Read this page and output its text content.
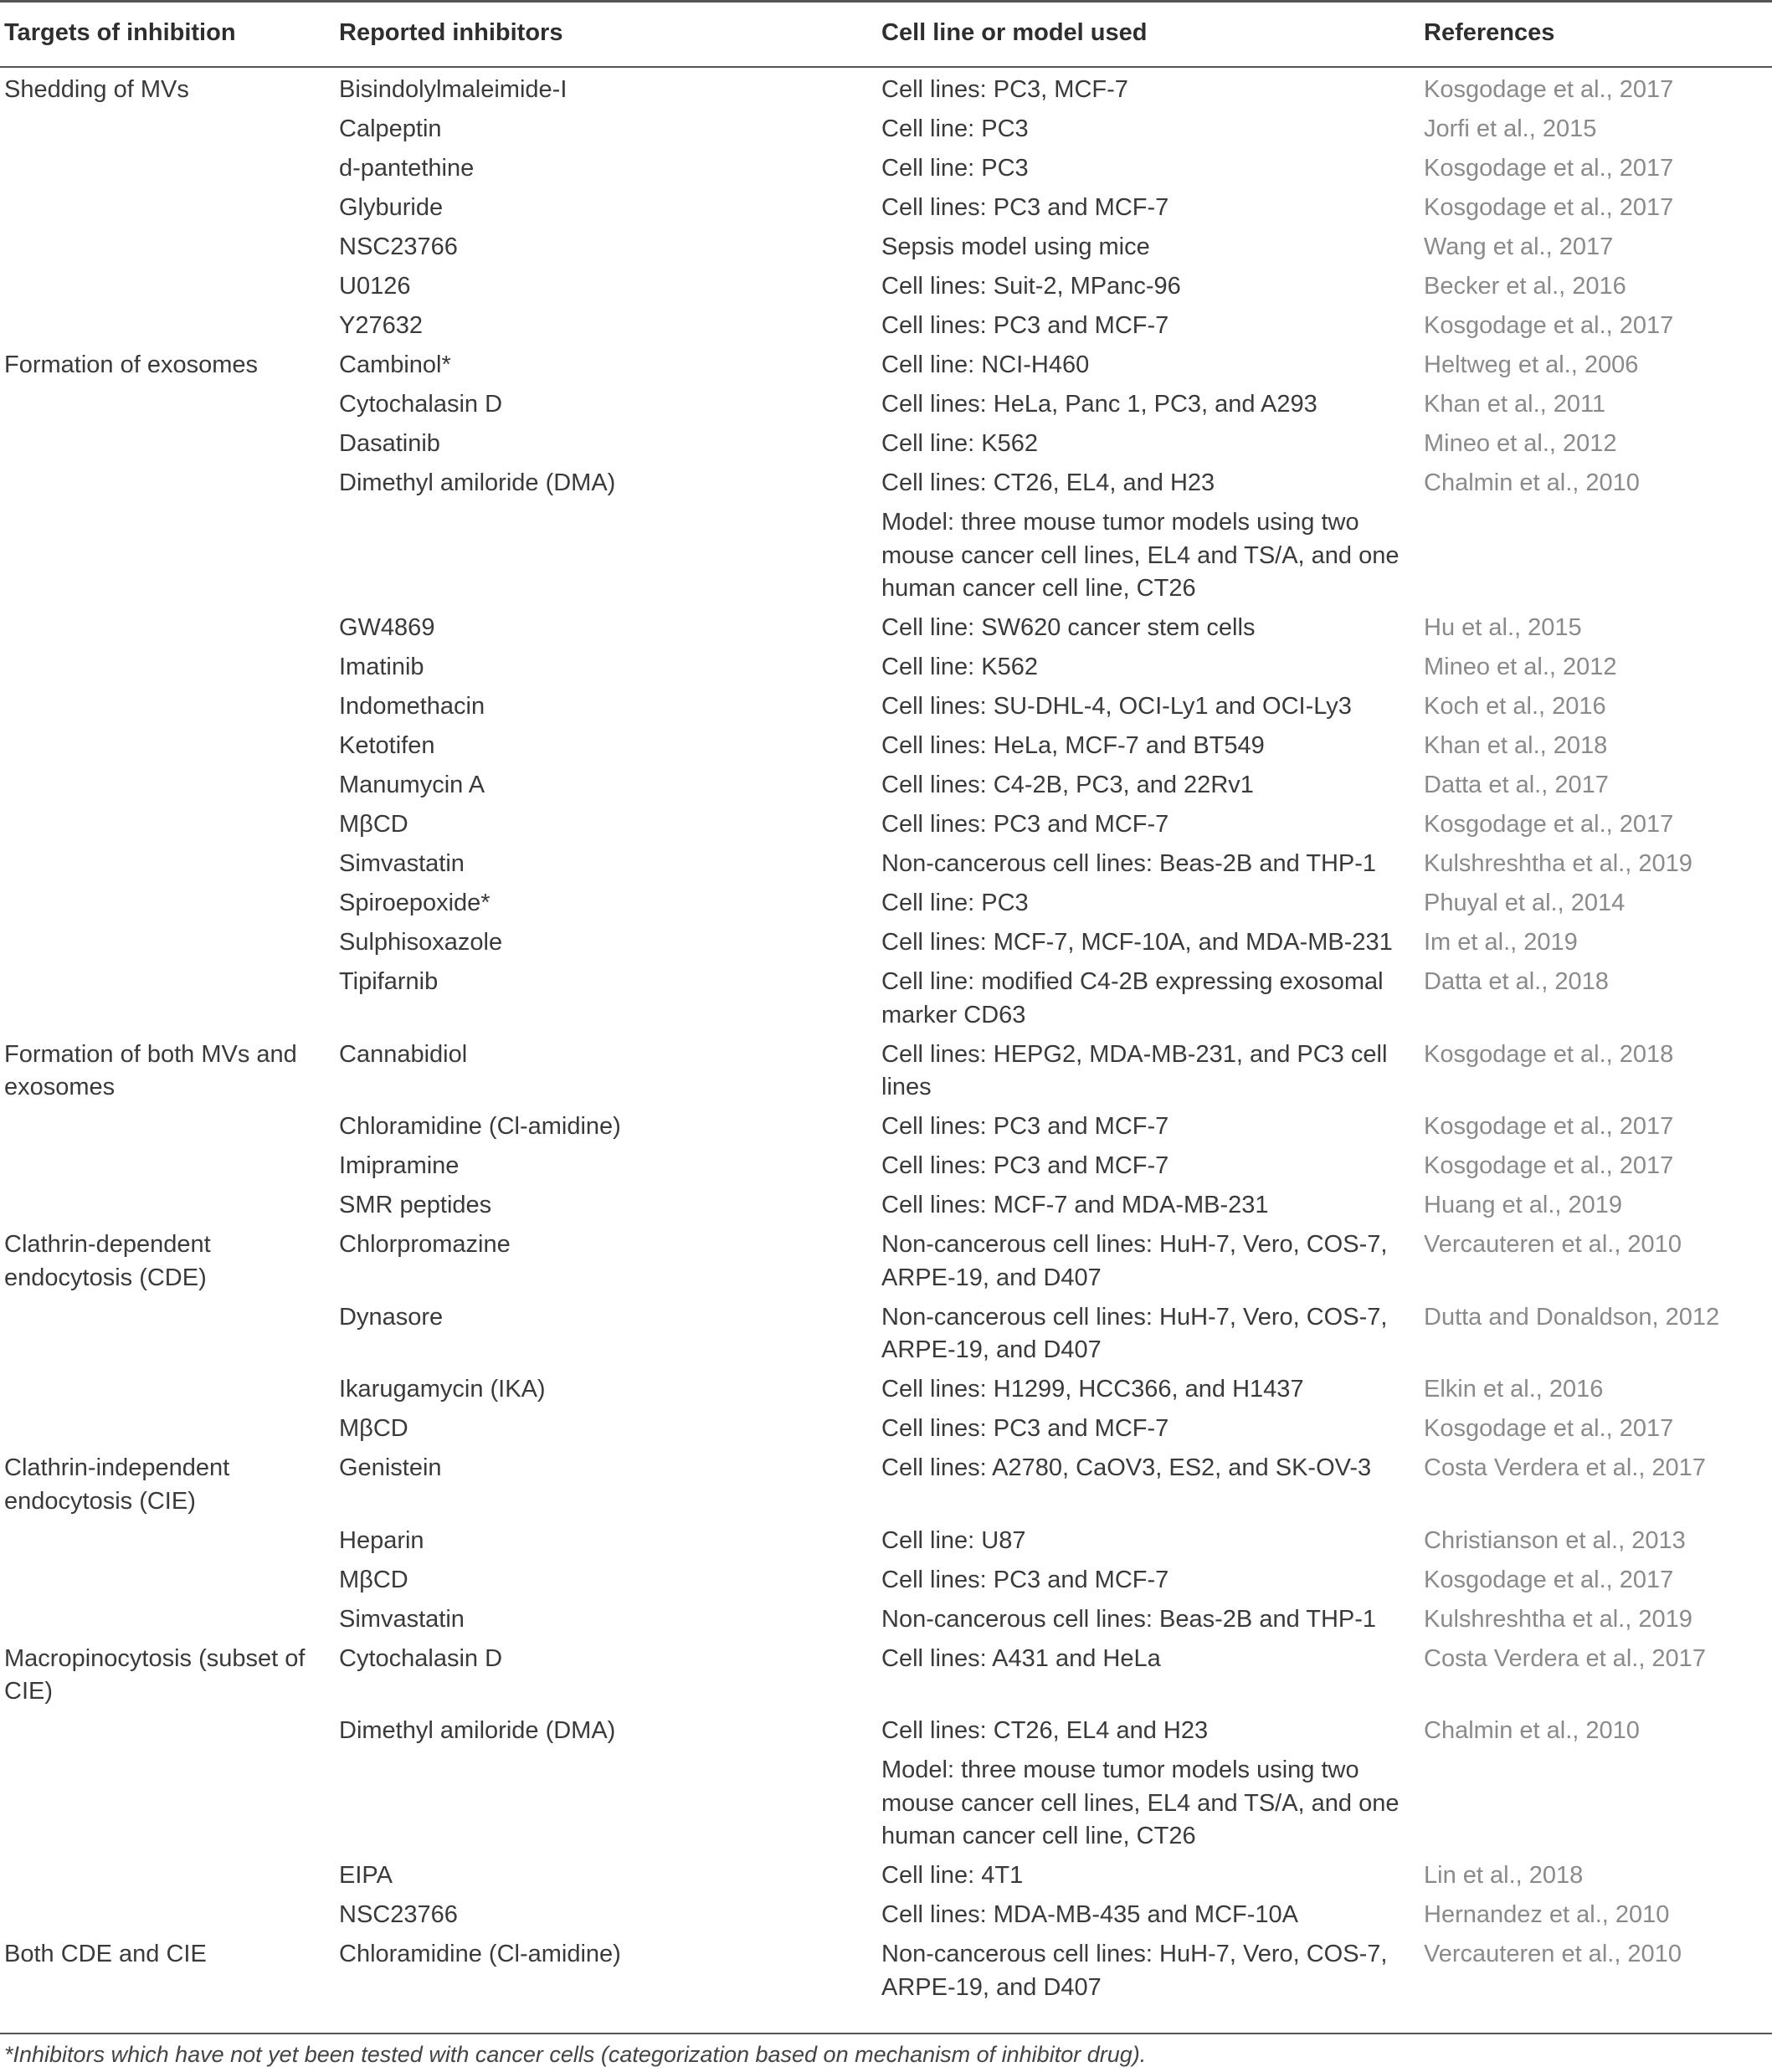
Targets of inhibition	Reported inhibitors	Cell line or model used	References
Shedding of MVs	Bisindolylmaleimide-I	Cell lines: PC3, MCF-7	Kosgodage et al., 2017
	Calpeptin	Cell line: PC3	Jorfi et al., 2015
	d-pantethine	Cell line: PC3	Kosgodage et al., 2017
	Glyburide	Cell lines: PC3 and MCF-7	Kosgodage et al., 2017
	NSC23766	Sepsis model using mice	Wang et al., 2017
	U0126	Cell lines: Suit-2, MPanc-96	Becker et al., 2016
	Y27632	Cell lines: PC3 and MCF-7	Kosgodage et al., 2017
Formation of exosomes	Cambinol*	Cell line: NCI-H460	Heltweg et al., 2006
	Cytochalasin D	Cell lines: HeLa, Panc 1, PC3, and A293	Khan et al., 2011
	Dasatinib	Cell line: K562	Mineo et al., 2012
	Dimethyl amiloride (DMA)	Cell lines: CT26, EL4, and H23	Chalmin et al., 2010
		Model: three mouse tumor models using two mouse cancer cell lines, EL4 and TS/A, and one human cancer cell line, CT26	
	GW4869	Cell line: SW620 cancer stem cells	Hu et al., 2015
	Imatinib	Cell line: K562	Mineo et al., 2012
	Indomethacin	Cell lines: SU-DHL-4, OCI-Ly1 and OCI-Ly3	Koch et al., 2016
	Ketotifen	Cell lines: HeLa, MCF-7 and BT549	Khan et al., 2018
	Manumycin A	Cell lines: C4-2B, PC3, and 22Rv1	Datta et al., 2017
	MβCD	Cell lines: PC3 and MCF-7	Kosgodage et al., 2017
	Simvastatin	Non-cancerous cell lines: Beas-2B and THP-1	Kulshreshtha et al., 2019
	Spiroepoxide*	Cell line: PC3	Phuyal et al., 2014
	Sulphisoxazole	Cell lines: MCF-7, MCF-10A, and MDA-MB-231	Im et al., 2019
	Tipifarnib	Cell line: modified C4-2B expressing exosomal marker CD63	Datta et al., 2018
Formation of both MVs and exosomes	Cannabidiol	Cell lines: HEPG2, MDA-MB-231, and PC3 cell lines	Kosgodage et al., 2018
	Chloramidine (Cl-amidine)	Cell lines: PC3 and MCF-7	Kosgodage et al., 2017
	Imipramine	Cell lines: PC3 and MCF-7	Kosgodage et al., 2017
	SMR peptides	Cell lines: MCF-7 and MDA-MB-231	Huang et al., 2019
Clathrin-dependent endocytosis (CDE)	Chlorpromazine	Non-cancerous cell lines: HuH-7, Vero, COS-7, ARPE-19, and D407	Vercauteren et al., 2010
	Dynasore	Non-cancerous cell lines: HuH-7, Vero, COS-7, ARPE-19, and D407	Dutta and Donaldson, 2012
	Ikarugamycin (IKA)	Cell lines: H1299, HCC366, and H1437	Elkin et al., 2016
	MβCD	Cell lines: PC3 and MCF-7	Kosgodage et al., 2017
Clathrin-independent endocytosis (CIE)	Genistein	Cell lines: A2780, CaOV3, ES2, and SK-OV-3	Costa Verdera et al., 2017
	Heparin	Cell line: U87	Christianson et al., 2013
	MβCD	Cell lines: PC3 and MCF-7	Kosgodage et al., 2017
	Simvastatin	Non-cancerous cell lines: Beas-2B and THP-1	Kulshreshtha et al., 2019
Macropinocytosis (subset of CIE)	Cytochalasin D	Cell lines: A431 and HeLa	Costa Verdera et al., 2017
	Dimethyl amiloride (DMA)	Cell lines: CT26, EL4 and H23	Chalmin et al., 2010
		Model: three mouse tumor models using two mouse cancer cell lines, EL4 and TS/A, and one human cancer cell line, CT26	
	EIPA	Cell line: 4T1	Lin et al., 2018
	NSC23766	Cell lines: MDA-MB-435 and MCF-10A	Hernandez et al., 2010
Both CDE and CIE	Chloramidine (Cl-amidine)	Non-cancerous cell lines: HuH-7, Vero, COS-7, ARPE-19, and D407	Vercauteren et al., 2010
*Inhibitors which have not yet been tested with cancer cells (categorization based on mechanism of inhibitor drug).
